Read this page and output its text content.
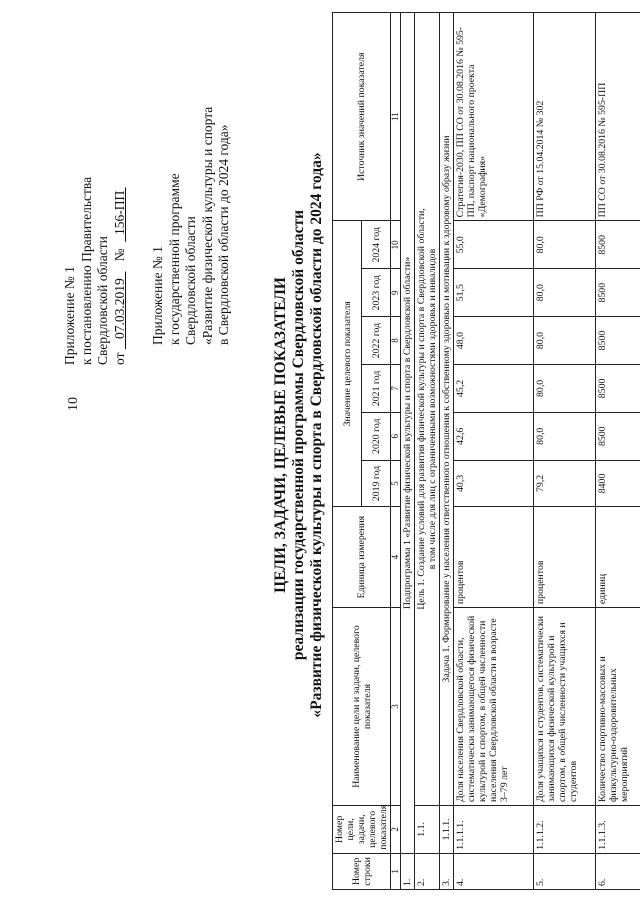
10
Приложение № 1 к постановлению Правительства Свердловской области от    07.03.2019     №    156-ПП
Приложение № 1 к государственной программе Свердловской области «Развитие физической культуры и спорта в Свердловской области до 2024 года»
ЦЕЛИ, ЗАДАЧИ, ЦЕЛЕВЫЕ ПОКАЗАТЕЛИ реализации государственной программы Свердловской области «Развитие физической культуры и спорта в Свердловской области до 2024 года»
Номер строки	Номер цели, задачи, целевого показателя	Наименование цели и задачи, целевого показателя	Единица измерения	Значение целевого показателя						Источник значений показателя
				2019 год	2020 год	2021 год	2022 год	2023 год	2024 год	
1	2	3	4	5	6	7	8	9	10	11
1.	Подпрограмма 1 «Развитие физической культуры и спорта в Свердловской области»									
2.	1.1.	Цель 1. Создание условий для развития физической культуры и спорта в Свердловской области, в том числе для лиц с ограниченными возможностями здоровья и инвалидов								

3.	1.1.1.	Задача 1. Формирование у населения ответственного отношения к собственному здоровью и мотивации к здоровому образу жизни								
4.	1.1.1.1.	Доля населения Свердловской области, систематически занимающегося физической культурой и спортом, в общей численности населения Свердловской области в возрасте 3–79 лет	процентов	40,3	42,6	45,2	48,0	51,5	55,0	Стратегия-2030, ПП СО от 30.08.2016 № 595-ПП, паспорт национального проекта «Демография»
5.	1.1.1.2.	Доля учащихся и студентов, систематически занимающихся физической культурой и спортом, в общей численности учащихся и студентов	процентов	79,2	80,0	80,0	80,0	80,0	80,0	ПП РФ от 15.04.2014 № 302
6.	1.1.1.3.	Количество спортивно-массовых и физкультурно-оздоровительных мероприятий	единиц	8400	8500	8500	8500	8500	8500	ПП СО от 30.08.2016 № 595-ПП
